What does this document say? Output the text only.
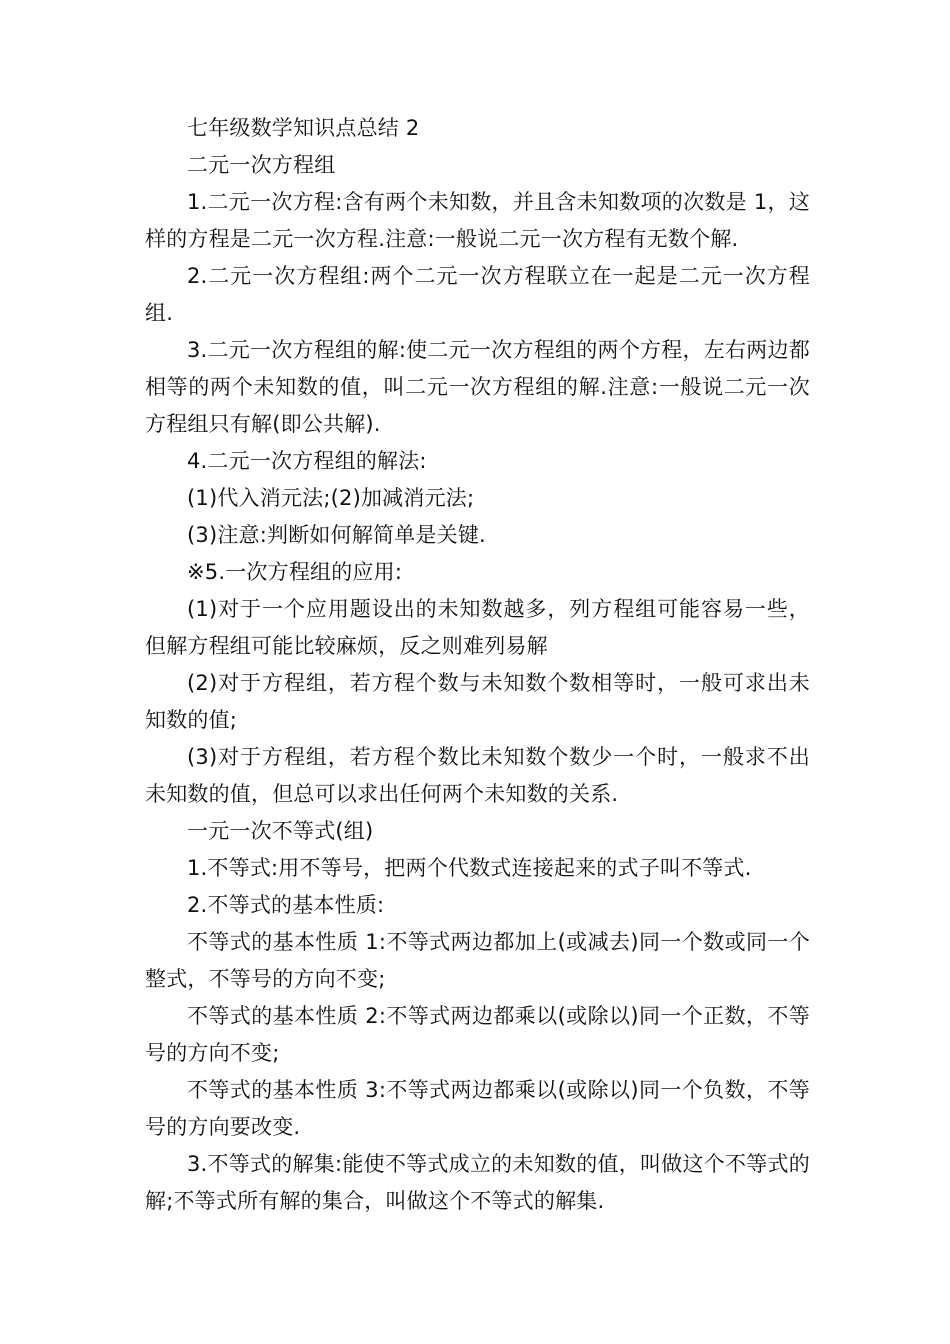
七年级数学知识点总结 2

二元一次方程组

1.二元一次方程:含有两个未知数，并且含未知数项的次数是 1，这样的方程是二元一次方程.注意:一般说二元一次方程有无数个解.

2.二元一次方程组:两个二元一次方程联立在一起是二元一次方程组.

3.二元一次方程组的解:使二元一次方程组的两个方程，左右两边都相等的两个未知数的值，叫二元一次方程组的解.注意:一般说二元一次方程组只有解(即公共解).

4.二元一次方程组的解法:

(1)代入消元法;(2)加减消元法;

(3)注意:判断如何解简单是关键.

※5.一次方程组的应用:

(1)对于一个应用题设出的未知数越多，列方程组可能容易一些，但解方程组可能比较麻烦，反之则难列易解

(2)对于方程组，若方程个数与未知数个数相等时，一般可求出未知数的值;

(3)对于方程组，若方程个数比未知数个数少一个时，一般求不出未知数的值，但总可以求出任何两个未知数的关系.

一元一次不等式(组)

1.不等式:用不等号，把两个代数式连接起来的式子叫不等式.

2.不等式的基本性质:

不等式的基本性质 1:不等式两边都加上(或减去)同一个数或同一个整式，不等号的方向不变;

不等式的基本性质 2:不等式两边都乘以(或除以)同一个正数，不等号的方向不变;

不等式的基本性质 3:不等式两边都乘以(或除以)同一个负数，不等号的方向要改变.

3.不等式的解集:能使不等式成立的未知数的值，叫做这个不等式的解;不等式所有解的集合，叫做这个不等式的解集.
